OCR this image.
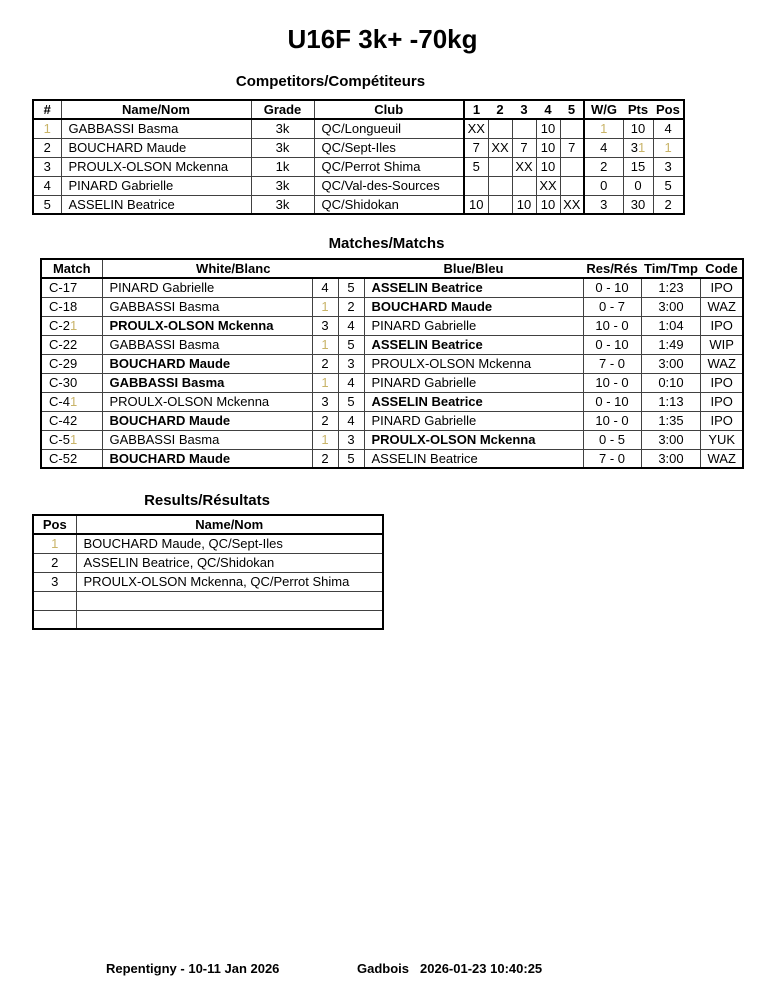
U16F 3k+ -70kg
Competitors/Compétiteurs
#	Name/Nom	Grade	Club	1	2	3	4	5	W/G	Pts	Pos
1	GABBASSI Basma	3k	QC/Longueuil	XX			10		1	10	4
2	BOUCHARD Maude	3k	QC/Sept-Iles	7	XX	7	10	7	4	31	1
3	PROULX-OLSON Mckenna	1k	QC/Perrot Shima	5		XX	10		2	15	3
4	PINARD Gabrielle	3k	QC/Val-des-Sources				XX		0	0	5
5	ASSELIN Beatrice	3k	QC/Shidokan	10		10	10	XX	3	30	2
Matches/Matchs
Match	White/Blanc			Blue/Bleu	Res/Rés	Tim/Tmp	Code
C-17	PINARD Gabrielle	4	5	ASSELIN Beatrice	0 - 10	1:23	IPO
C-18	GABBASSI Basma	1	2	BOUCHARD Maude	0 - 7	3:00	WAZ
C-21	PROULX-OLSON Mckenna	3	4	PINARD Gabrielle	10 - 0	1:04	IPO
C-22	GABBASSI Basma	1	5	ASSELIN Beatrice	0 - 10	1:49	WIP
C-29	BOUCHARD Maude	2	3	PROULX-OLSON Mckenna	7 - 0	3:00	WAZ
C-30	GABBASSI Basma	1	4	PINARD Gabrielle	10 - 0	0:10	IPO
C-41	PROULX-OLSON Mckenna	3	5	ASSELIN Beatrice	0 - 10	1:13	IPO
C-42	BOUCHARD Maude	2	4	PINARD Gabrielle	10 - 0	1:35	IPO
C-51	GABBASSI Basma	1	3	PROULX-OLSON Mckenna	0 - 5	3:00	YUK
C-52	BOUCHARD Maude	2	5	ASSELIN Beatrice	7 - 0	3:00	WAZ
Results/Résultats
Pos	Name/Nom
1	BOUCHARD Maude, QC/Sept-Iles
2	ASSELIN Beatrice, QC/Shidokan
3	PROULX-OLSON Mckenna, QC/Perrot Shima

Repentigny - 10-11 Jan 2026	Gadbois 2026-01-23 10:40:25
